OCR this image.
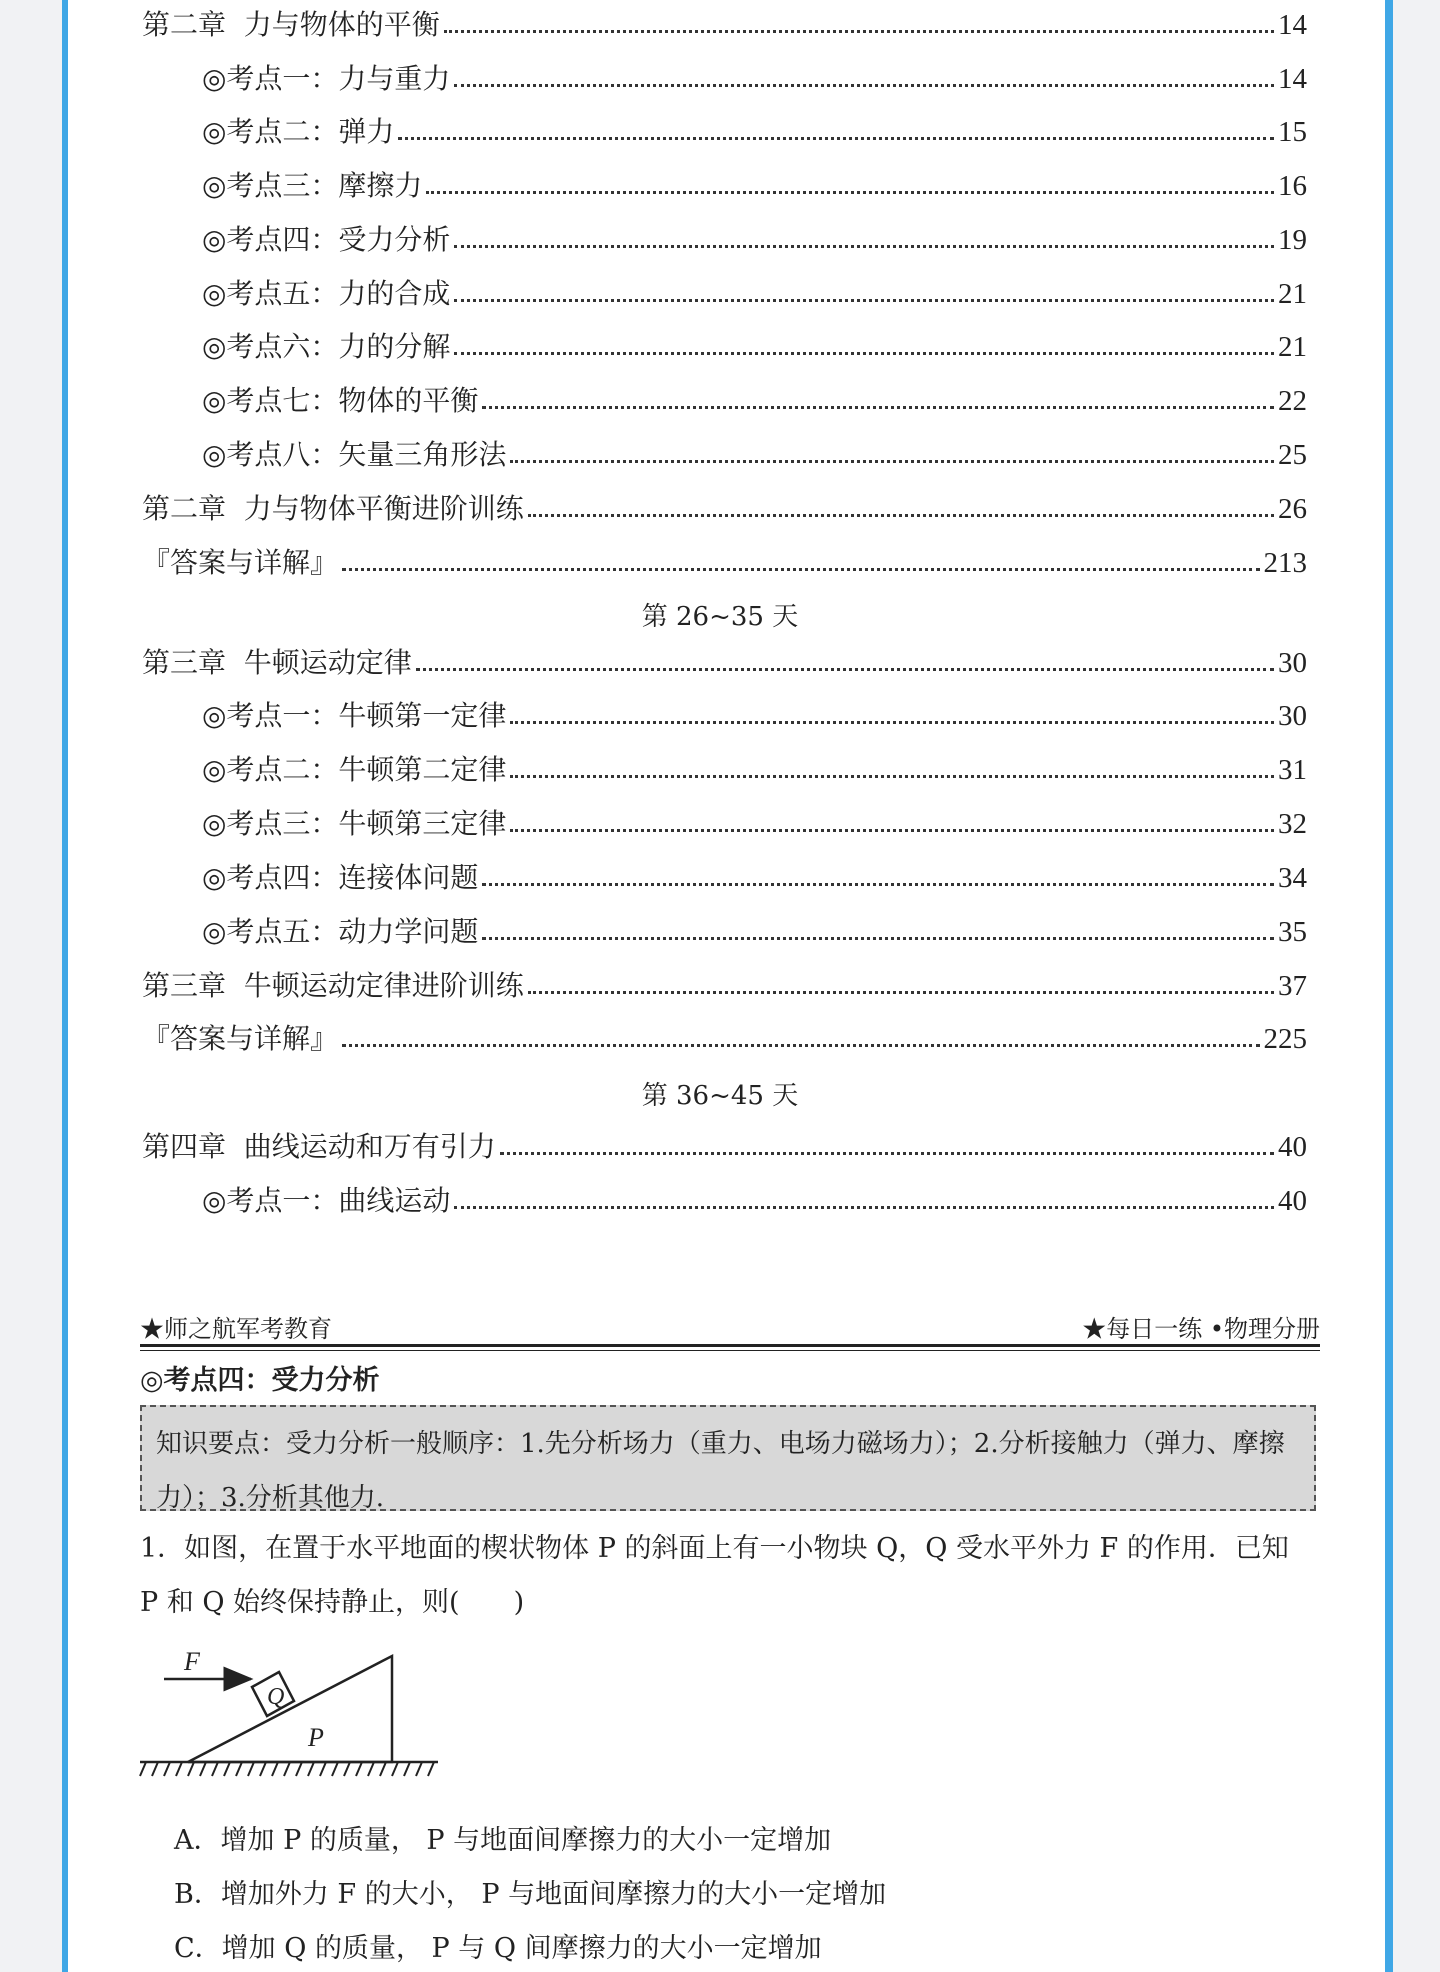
第二章  力与物体的平衡	14
◎考点一：力与重力	14
◎考点二：弹力	15
◎考点三：摩擦力	16
◎考点四：受力分析	19
◎考点五：力的合成	21
◎考点六：力的分解	21
◎考点七：物体的平衡	22
◎考点八：矢量三角形法	25
第二章  力与物体平衡进阶训练	26
『答案与详解』	213
第 26~35 天
第三章  牛顿运动定律	30
◎考点一：牛顿第一定律	30
◎考点二：牛顿第二定律	31
◎考点三：牛顿第三定律	32
◎考点四：连接体问题	34
◎考点五：动力学问题	35
第三章  牛顿运动定律进阶训练	37
『答案与详解』	225
第 36~45 天
第四章  曲线运动和万有引力	40
◎考点一：曲线运动	40
★师之航军考教育	★每日一练 •物理分册
◎考点四：受力分析
知识要点：受力分析一般顺序：1.先分析场力（重力、电场力磁场力）；2.分析接触力（弹力、摩擦力）；3.分析其他力.

1．如图，在置于水平地面的楔状物体 P 的斜面上有一小物块 Q，Q 受水平外力 F 的作用．已知

P 和 Q 始终保持静止，则(　　)

F
Q
P
A．增加 P 的质量， P 与地面间摩擦力的大小一定增加
B．增加外力 F 的大小， P 与地面间摩擦力的大小一定增加
C．增加 Q 的质量， P 与 Q 间摩擦力的大小一定增加
